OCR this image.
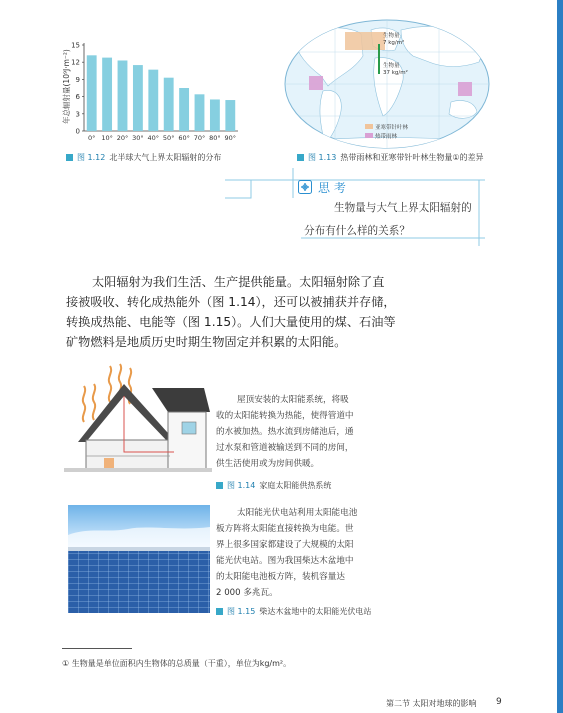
年总辐射量(10⁹J·m⁻²)
0
3
6
9
12
15
0° 10° 20° 30° 40° 50° 60° 70° 80° 90°
图 1.12 北半球大气上界太阳辐射的分布
生物量
7 kg/m²
生物量
37 kg/m²
亚寒带针叶林
热带雨林
图 1.13 热带雨林和亚寒带针叶林生物量①的差异
思 考
生物量与大气上界太阳辐射的
分布有什么样的关系？
太阳辐射为我们生活、生产提供能量。太阳辐射除了直
接被吸收、转化成热能外（图 1.14），还可以被捕获并存储，
转换成热能、电能等（图 1.15）。人们大量使用的煤、石油等
矿物燃料是地质历史时期生物固定并积累的太阳能。
屋顶安装的太阳能系统，将吸
收的太阳能转换为热能，使得管道中
的水被加热。热水流到房储池后，通
过水泵和管道被输送到不同的房间，
供生活使用或为房间供暖。
图 1.14 家庭太阳能供热系统
太阳能光伏电站利用太阳能电池
板方阵将太阳能直接转换为电能。世
界上很多国家都建设了大规模的太阳
能光伏电站。图为我国柴达木盆地中
的太阳能电池板方阵，装机容量达
2 000 多兆瓦。
图 1.15 柴达木盆地中的太阳能光伏电站
① 生物量是单位面积内生物体的总质量（干重），单位为kg/m²。
第二节 太阳对地球的影响 9
